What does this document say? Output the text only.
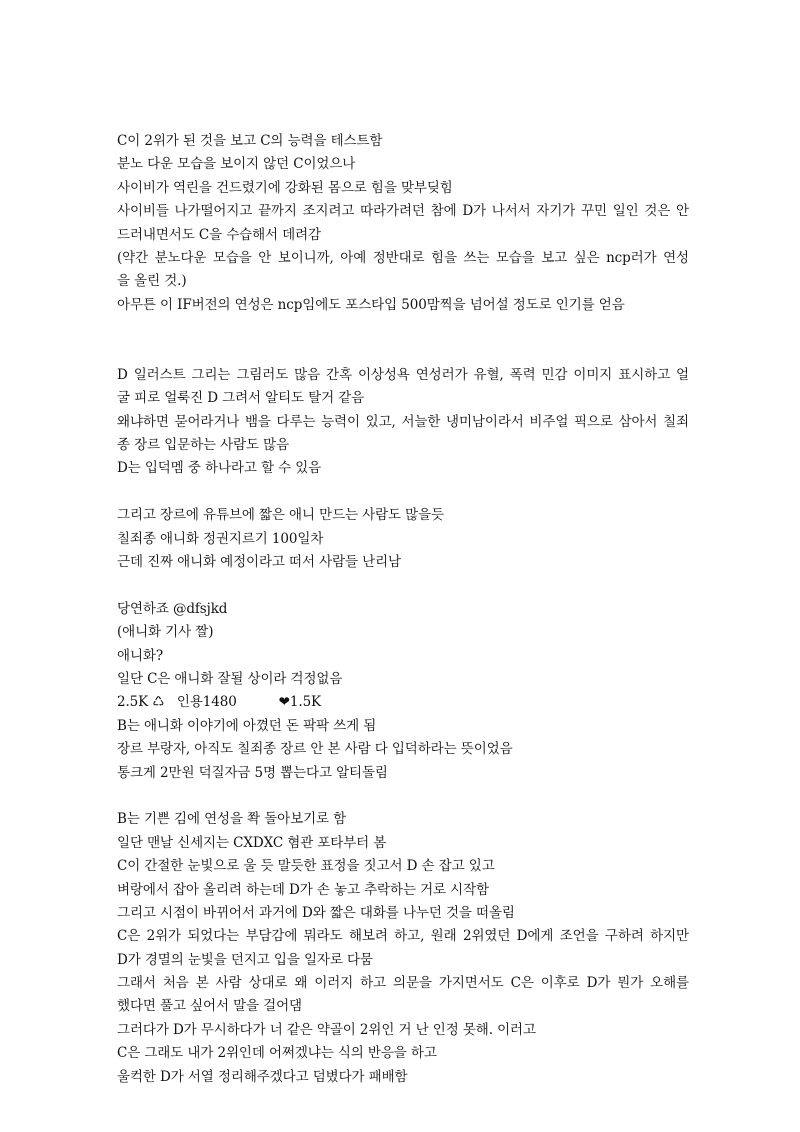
C이 2위가 된 것을 보고 C의 능력을 테스트함
분노 다운 모습을 보이지 않던 C이었으나
사이비가 역린을 건드렸기에 강화된 몸으로 힘을 맞부딪힘
사이비들 나가떨어지고 끝까지 조지려고 따라가려던 참에 D가 나서서 자기가 꾸민 일인 것은 안
드러내면서도 C을 수습해서 데려감
(약간 분노다운 모습을 안 보이니까, 아예 정반대로 힘을 쓰는 모습을 보고 싶은 ncp러가 연성
을 올린 것.)
아무튼 이 IF버전의 연성은 ncp임에도 포스타입 500맘찍을 넘어설 정도로 인기를 얻음
D 일러스트 그리는 그림러도 많음 간혹 이상성욕 연성러가 유혈, 폭력 민감 이미지 표시하고 얼
굴 피로 얼룩진 D 그려서 알티도 탈거 같음
왜냐하면 묻어라거나 뱀을 다루는 능력이 있고, 서늘한 냉미남이라서 비주얼 픽으로 삼아서 칠죄
종 장르 입문하는 사람도 많음
D는 입덕멤 중 하나라고 할 수 있음
그리고 장르에 유튜브에 짧은 애니 만드는 사람도 많을듯
칠죄종 애니화 정권지르기 100일차
근데 진짜 애니화 예정이라고 떠서 사람들 난리남
당연하죠 @dfsjkd
(애니화 기사 짤)
애니화?
일단 C은 애니화 잘될 상이라 걱정없음
2.5K ♺   인용1480          ❤1.5K
B는 애니화 이야기에 아꼈던 돈 팍팍 쓰게 됨
장르 부랑자, 아직도 칠죄종 장르 안 본 사람 다 입덕하라는 뜻이었음
통크게 2만원 덕질자금 5명 뽑는다고 알티돌림
B는 기쁜 김에 연성을 쫙 돌아보기로 함
일단 맨날 신세지는 CXDXC 혐관 포타부터 봄
C이 간절한 눈빛으로 울 듯 말듯한 표정을 짓고서 D 손 잡고 있고
벼랑에서 잡아 올리려 하는데 D가 손 놓고 추락하는 거로 시작함
그리고 시점이 바뀌어서 과거에 D와 짧은 대화를 나누던 것을 떠올림
C은 2위가 되었다는 부담감에 뭐라도 해보려 하고, 원래 2위였던 D에게 조언을 구하려 하지만
D가 경멸의 눈빛을 던지고 입을 일자로 다뭄
그래서 처음 본 사람 상대로 왜 이러지 하고 의문을 가지면서도 C은 이후로 D가 뭔가 오해를
했다면 풀고 싶어서 말을 걸어댐
그러다가 D가 무시하다가 너 같은 약골이 2위인 거 난 인정 못해. 이러고
C은 그래도 내가 2위인데 어쩌겠냐는 식의 반응을 하고
울컥한 D가 서열 정리해주겠다고 덤볐다가 패배함
